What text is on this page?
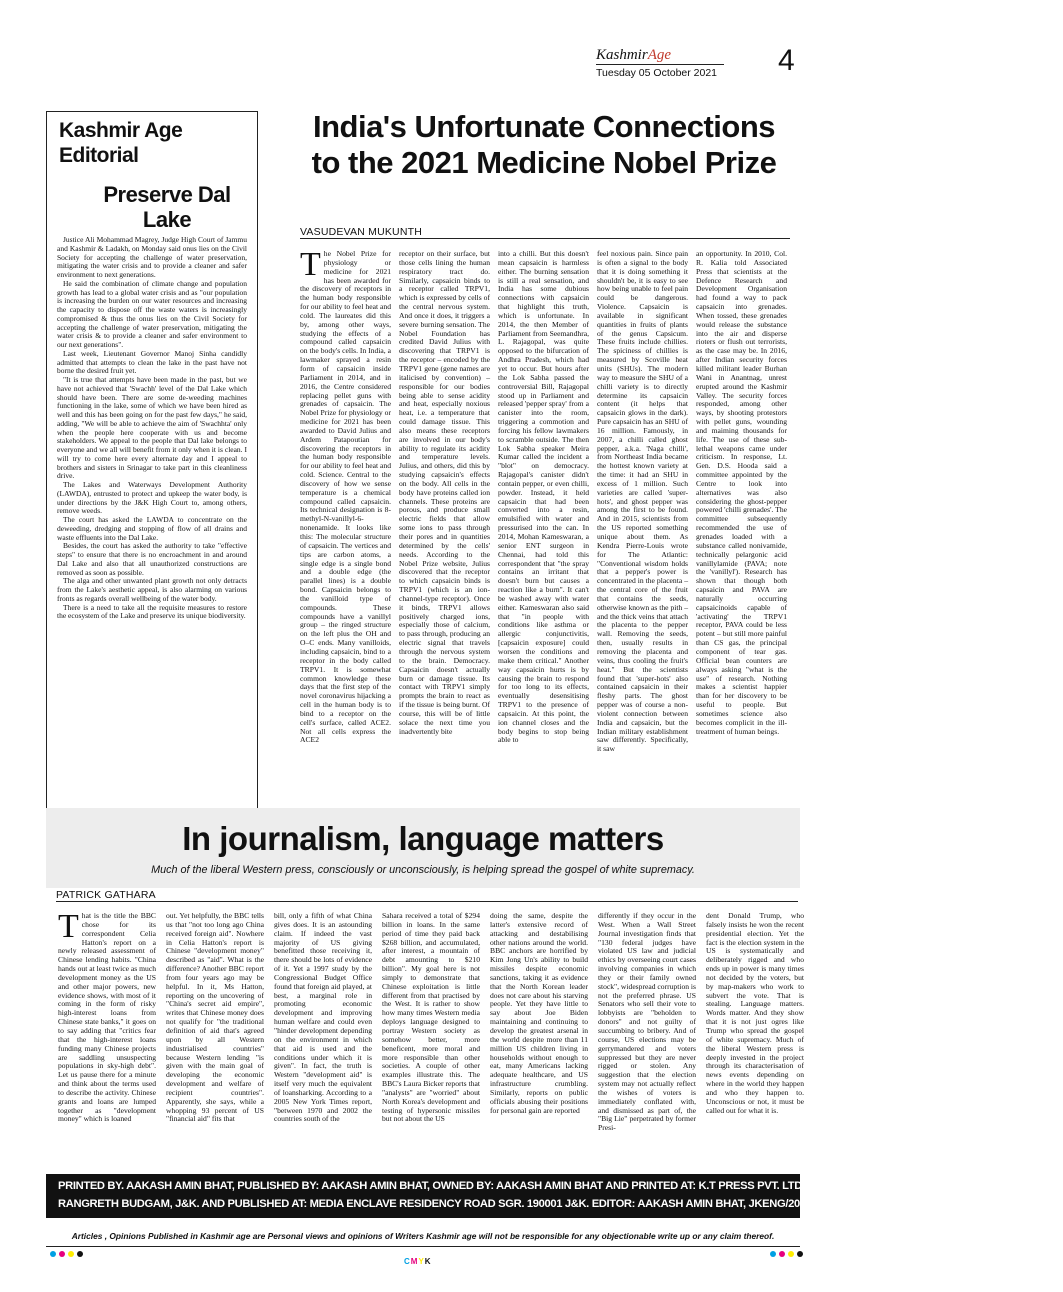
KashmirAge
Tuesday 05 October 2021 4
Kashmir Age Editorial
Preserve Dal Lake

Justice Ali Mohammad Magrey, Judge High Court of Jammu and Kashmir & Ladakh, on Monday said onus lies on the Civil Society for accepting the challenge of water preservation, mitigating the water crisis and to provide a cleaner and safer environment to next generations.

He said the combination of climate change and population growth has lead to a global water crisis and as "our population is increasing the burden on our water resources and increasing the capacity to dispose off the waste waters is increasingly compromised & thus the onus lies on the Civil Society for accepting the challenge of water preservation, mitigating the water crisis & to provide a cleaner and safer environment to our next generations".

Last week, Lieutenant Governor Manoj Sinha candidly admitted that attempts to clean the lake in the past have not borne the desired fruit yet.

"It is true that attempts have been made in the past, but we have not achieved that 'Swachh' level of the Dal Lake which should have been. There are some de-weeding machines functioning in the lake, some of which we have been hired as well and this has been going on for the past few days," he said, adding, "We will be able to achieve the aim of 'Swachhta' only when the people here cooperate with us and become stakeholders. We appeal to the people that Dal lake belongs to everyone and we all will benefit from it only when it is clean. I will try to come here every alternate day and I appeal to brothers and sisters in Srinagar to take part in this cleanliness drive.

The Lakes and Waterways Development Authority (LAWDA), entrusted to protect and upkeep the water body, is under directions by the J&K High Court to, among others, remove weeds.

The court has asked the LAWDA to concentrate on the deweeding, dredging and stopping of flow of all drains and waste effluents into the Dal Lake.

Besides, the court has asked the authority to take "effective steps" to ensure that there is no encroachment in and around Dal Lake and also that all unauthorized constructions are removed as soon as possible.

The alga and other unwanted plant growth not only detracts from the Lake's aesthetic appeal, is also alarming on various fronts as regards overall wellbeing of the water body.

There is a need to take all the requisite measures to restore the ecosystem of the Lake and preserve its unique biodiversity.

India's Unfortunate Connections to the 2021 Medicine Nobel Prize
VASUDEVAN MUKUNTH
The Nobel Prize for physiology or medicine for 2021 has been awarded for the discovery of receptors in the human body responsible for our ability to feel heat and cold. The laureates did this by, among other ways, studying the effects of a compound called capsaicin on the body's cells. In India, a lawmaker sprayed a resin form of capsaicin inside Parliament in 2014, and in 2016, the Centre considered replacing pellet guns with grenades of capsaicin. The Nobel Prize for physiology or medicine for 2021 has been awarded to David Julius and Ardem Patapoutian for discovering the receptors in the human body responsible for our ability to feel heat and cold. Science. Central to the discovery of how we sense temperature is a chemical compound called capsaicin. Its technical designation is 8-methyl-N-vanillyl-6-nonenamide. It looks like this: The molecular structure of capsaicin. The vertices and tips are carbon atoms, a single edge is a single bond and a double edge (the parallel lines) is a double bond. Capsaicin belongs to the vanilloid type of compounds. These compounds have a vanillyl group – the ringed structure on the left plus the OH and O–C ends. Many vanilloids, including capsaicin, bind to a receptor in the body called TRPV1. It is somewhat common knowledge these days that the first step of the novel coronavirus hijacking a cell in the human body is to bind to a receptor on the cell's surface, called ACE2. Not all cells express the ACE2
receptor on their surface, but those cells lining the human respiratory tract do. Similarly, capsaicin binds to a receptor called TRPV1, which is expressed by cells of the central nervous system. And once it does, it triggers a severe burning sensation. The Nobel Foundation has credited David Julius with discovering that TRPV1 is the receptor – encoded by the TRPV1 gene (gene names are italicised by convention) – responsible for our bodies being able to sense acidity and heat, especially noxious heat, i.e. a temperature that could damage tissue. This also means these receptors are involved in our body's ability to regulate its acidity and temperature levels. Julius, and others, did this by studying capsaicin's effects on the body. All cells in the body have proteins called ion channels. These proteins are porous, and produce small electric fields that allow some ions to pass through their pores and in quantities determined by the cells' needs. According to the Nobel Prize website, Julius discovered that the receptor to which capsaicin binds is TRPV1 (which is an ion-channel-type receptor). Once it binds, TRPV1 allows positively charged ions, especially those of calcium, to pass through, producing an electric signal that travels through the nervous system to the brain. Democracy. Capsaicin doesn't actually burn or damage tissue. Its contact with TRPV1 simply prompts the brain to react as if the tissue is being burnt. Of course, this will be of little solace the next time you inadvertently bite
into a chilli. But this doesn't mean capsaicin is harmless either. The burning sensation is still a real sensation, and India has some dubious connections with capsaicin that highlight this truth, which is unfortunate. In 2014, the then Member of Parliament from Seemandhra, L. Rajagopal, was quite opposed to the bifurcation of Andhra Pradesh, which had yet to occur. But hours after the Lok Sabha passed the controversial Bill, Rajagopal stood up in Parliament and released 'pepper spray' from a canister into the room, triggering a commotion and forcing his fellow lawmakers to scramble outside. The then Lok Sabha speaker Meira Kumar called the incident a "blot" on democracy. Rajagopal's canister didn't contain pepper, or even chilli, powder. Instead, it held capsaicin that had been converted into a resin, emulsified with water and pressurised into the can. In 2014, Mohan Kameswaran, a senior ENT surgeon in Chennai, had told this correspondent that "the spray contains an irritant that doesn't burn but causes a reaction like a burn". It can't be washed away with water either. Kameswaran also said that "in people with conditions like asthma or allergic conjunctivitis, [capsaicin exposure] could worsen the conditions and make them critical." Another way capsaicin hurts is by causing the brain to respond for too long to its effects, eventually desensitising TRPV1 to the presence of capsaicin. At this point, the ion channel closes and the body begins to stop being able to
feel noxious pain. Since pain is often a signal to the body that it is doing something it shouldn't be, it is easy to see how being unable to feel pain could be dangerous. Violence. Capsaicin is available in significant quantities in fruits of plants of the genus Capsicum. These fruits include chillies. The spiciness of chillies is measured by Scoville heat units (SHUs). The modern way to measure the SHU of a chilli variety is to directly determine its capsaicin content (it helps that capsaicin glows in the dark). Pure capsaicin has an SHU of 16 million. Famously, in 2007, a chilli called ghost pepper, a.k.a. 'Naga chilli', from Northeast India became the hottest known variety at the time: it had an SHU in excess of 1 million. Such varieties are called 'super-hots', and ghost pepper was among the first to be found. And in 2015, scientists from the US reported something unique about them. As Kendra Pierre-Louis wrote for The Atlantic: "Conventional wisdom holds that a pepper's power is concentrated in the placenta – the central core of the fruit that contains the seeds, otherwise known as the pith – and the thick veins that attach the placenta to the pepper wall. Removing the seeds, then, usually results in removing the placenta and veins, thus cooling the fruit's heat." But the scientists found that 'super-hots' also contained capsaicin in their fleshy parts. The ghost pepper was of course a non-violent connection between India and capsaicin, but the Indian military establishment saw differently. Specifically, it saw
an opportunity. In 2010, Col. R. Kalia told Associated Press that scientists at the Defence Research and Development Organisation had found a way to pack capsaicin into grenades. When tossed, these grenades would release the substance into the air and disperse rioters or flush out terrorists, as the case may be. In 2016, after Indian security forces killed militant leader Burhan Wani in Anantnag, unrest erupted around the Kashmir Valley. The security forces responded, among other ways, by shooting protestors with pellet guns, wounding and maiming thousands for life. The use of these sub-lethal weapons came under criticism. In response, Lt. Gen. D.S. Hooda said a committee appointed by the Centre to look into alternatives was also considering the ghost-pepper powered 'chilli grenades'. The committee subsequently recommended the use of grenades loaded with a substance called nonivamide, technically pelargonic acid vanillylamide (PAVA; note the 'vanillyl'). Research has shown that though both capsaicin and PAVA are naturally occurring capsaicinoids capable of 'activating' the TRPV1 receptor, PAVA could be less potent – but still more painful than CS gas, the principal component of tear gas. Official bean counters are always asking "what is the use" of research. Nothing makes a scientist happier than for her discovery to be useful to people. But sometimes science also becomes complicit in the ill-treatment of human beings.
In journalism, language matters
Much of the liberal Western press, consciously or unconsciously, is helping spread the gospel of white supremacy.
PATRICK GATHARA
That is the title the BBC chose for its correspondent Celia Hatton's report on a newly released assessment of Chinese lending habits. "China hands out at least twice as much development money as the US and other major powers, new evidence shows, with most of it coming in the form of risky high-interest loans from Chinese state banks," it goes on to say adding that "critics fear that the high-interest loans funding many Chinese projects are saddling unsuspecting populations in sky-high debt". Let us pause there for a minute and think about the terms used to describe the activity. Chinese grants and loans are lumped together as "development money" which is loaned
out. Yet helpfully, the BBC tells us that "not too long ago China received foreign aid". Nowhere in Celia Hatton's report is Chinese "development money" described as "aid". What is the difference? Another BBC report from four years ago may be helpful. In it, Ms Hatton, reporting on the uncovering of "China's secret aid empire", writes that Chinese money does not qualify for "the traditional definition of aid that's agreed upon by all Western industrialised countries" because Western lending "is given with the main goal of developing the economic development and welfare of recipient countries". Apparently, she says, while a whopping 93 percent of US "financial aid" fits that
bill, only a fifth of what China gives does. It is an astounding claim. If indeed the vast majority of US giving benefitted those receiving it, there should be lots of evidence of it. Yet a 1997 study by the Congressional Budget Office found that foreign aid played, at best, a marginal role in promoting economic development and improving human welfare and could even "hinder development depending on the environment in which that aid is used and the conditions under which it is given". In fact, the truth is Western "development aid" is itself very much the equivalent of loansharking. According to a 2005 New York Times report, "between 1970 and 2002 the countries south of the
Sahara received a total of $294 billion in loans. In the same period of time they paid back $268 billion, and accumulated, after interest, a mountain of debt amounting to $210 billion". My goal here is not simply to demonstrate that Chinese exploitation is little different from that practised by the West. It is rather to show how many times Western media deploys language designed to portray Western society as somehow better, more beneficent, more moral and more responsible than other societies. A couple of other examples illustrate this. The BBC's Laura Bicker reports that "analysts" are "worried" about North Korea's development and testing of hypersonic missiles but not about the US
doing the same, despite the latter's extensive record of attacking and destabilising other nations around the world. BBC anchors are horrified by Kim Jong Un's ability to build missiles despite economic sanctions, taking it as evidence that the North Korean leader does not care about his starving people. Yet they have little to say about Joe Biden maintaining and continuing to develop the greatest arsenal in the world despite more than 11 million US children living in households without enough to eat, many Americans lacking adequate healthcare, and US infrastructure crumbling. Similarly, reports on public officials abusing their positions for personal gain are reported
differently if they occur in the West. When a Wall Street Journal investigation finds that "130 federal judges have violated US law and judicial ethics by overseeing court cases involving companies in which they or their family owned stock", widespread corruption is not the preferred phrase. US Senators who sell their vote to lobbyists are "beholden to donors" and not guilty of succumbing to bribery. And of course, US elections may be gerrymandered and voters suppressed but they are never rigged or stolen. Any suggestion that the election system may not actually reflect the wishes of voters is immediately conflated with, and dismissed as part of, the "Big Lie" perpetrated by former Presi-
dent Donald Trump, who falsely insists he won the recent presidential election. Yet the fact is the election system in the US is systematically and deliberately rigged and who ends up in power is many times not decided by the voters, but by map-makers who work to subvert the vote. That is stealing. Language matters. Words matter. And they show that it is not just ogres like Trump who spread the gospel of white supremacy. Much of the liberal Western press is deeply invested in the project through its characterisation of news events depending on where in the world they happen and who they happen to. Unconscious or not, it must be called out for what it is.
PRINTED BY. AAKASH AMIN BHAT, PUBLISHED BY: AAKASH AMIN BHAT, OWNED BY: AAKASH AMIN BHAT AND PRINTED AT: K.T PRESS PVT. LTD.120- ELECTRONIC COMPLEX INDUSTRIAL ESTATE
RANGRETH BUDGAM, J&K. AND PUBLISHED AT: MEDIA ENCLAVE RESIDENCY ROAD SGR. 190001 J&K. EDITOR: AAKASH AMIN BHAT, JKENG/2006/23952
Articles , Opinions Published in Kashmir age are Personal views and opinions of Writers Kashmir age will not be responsible for any objectionable write up or any claim thereof.
CMYK
